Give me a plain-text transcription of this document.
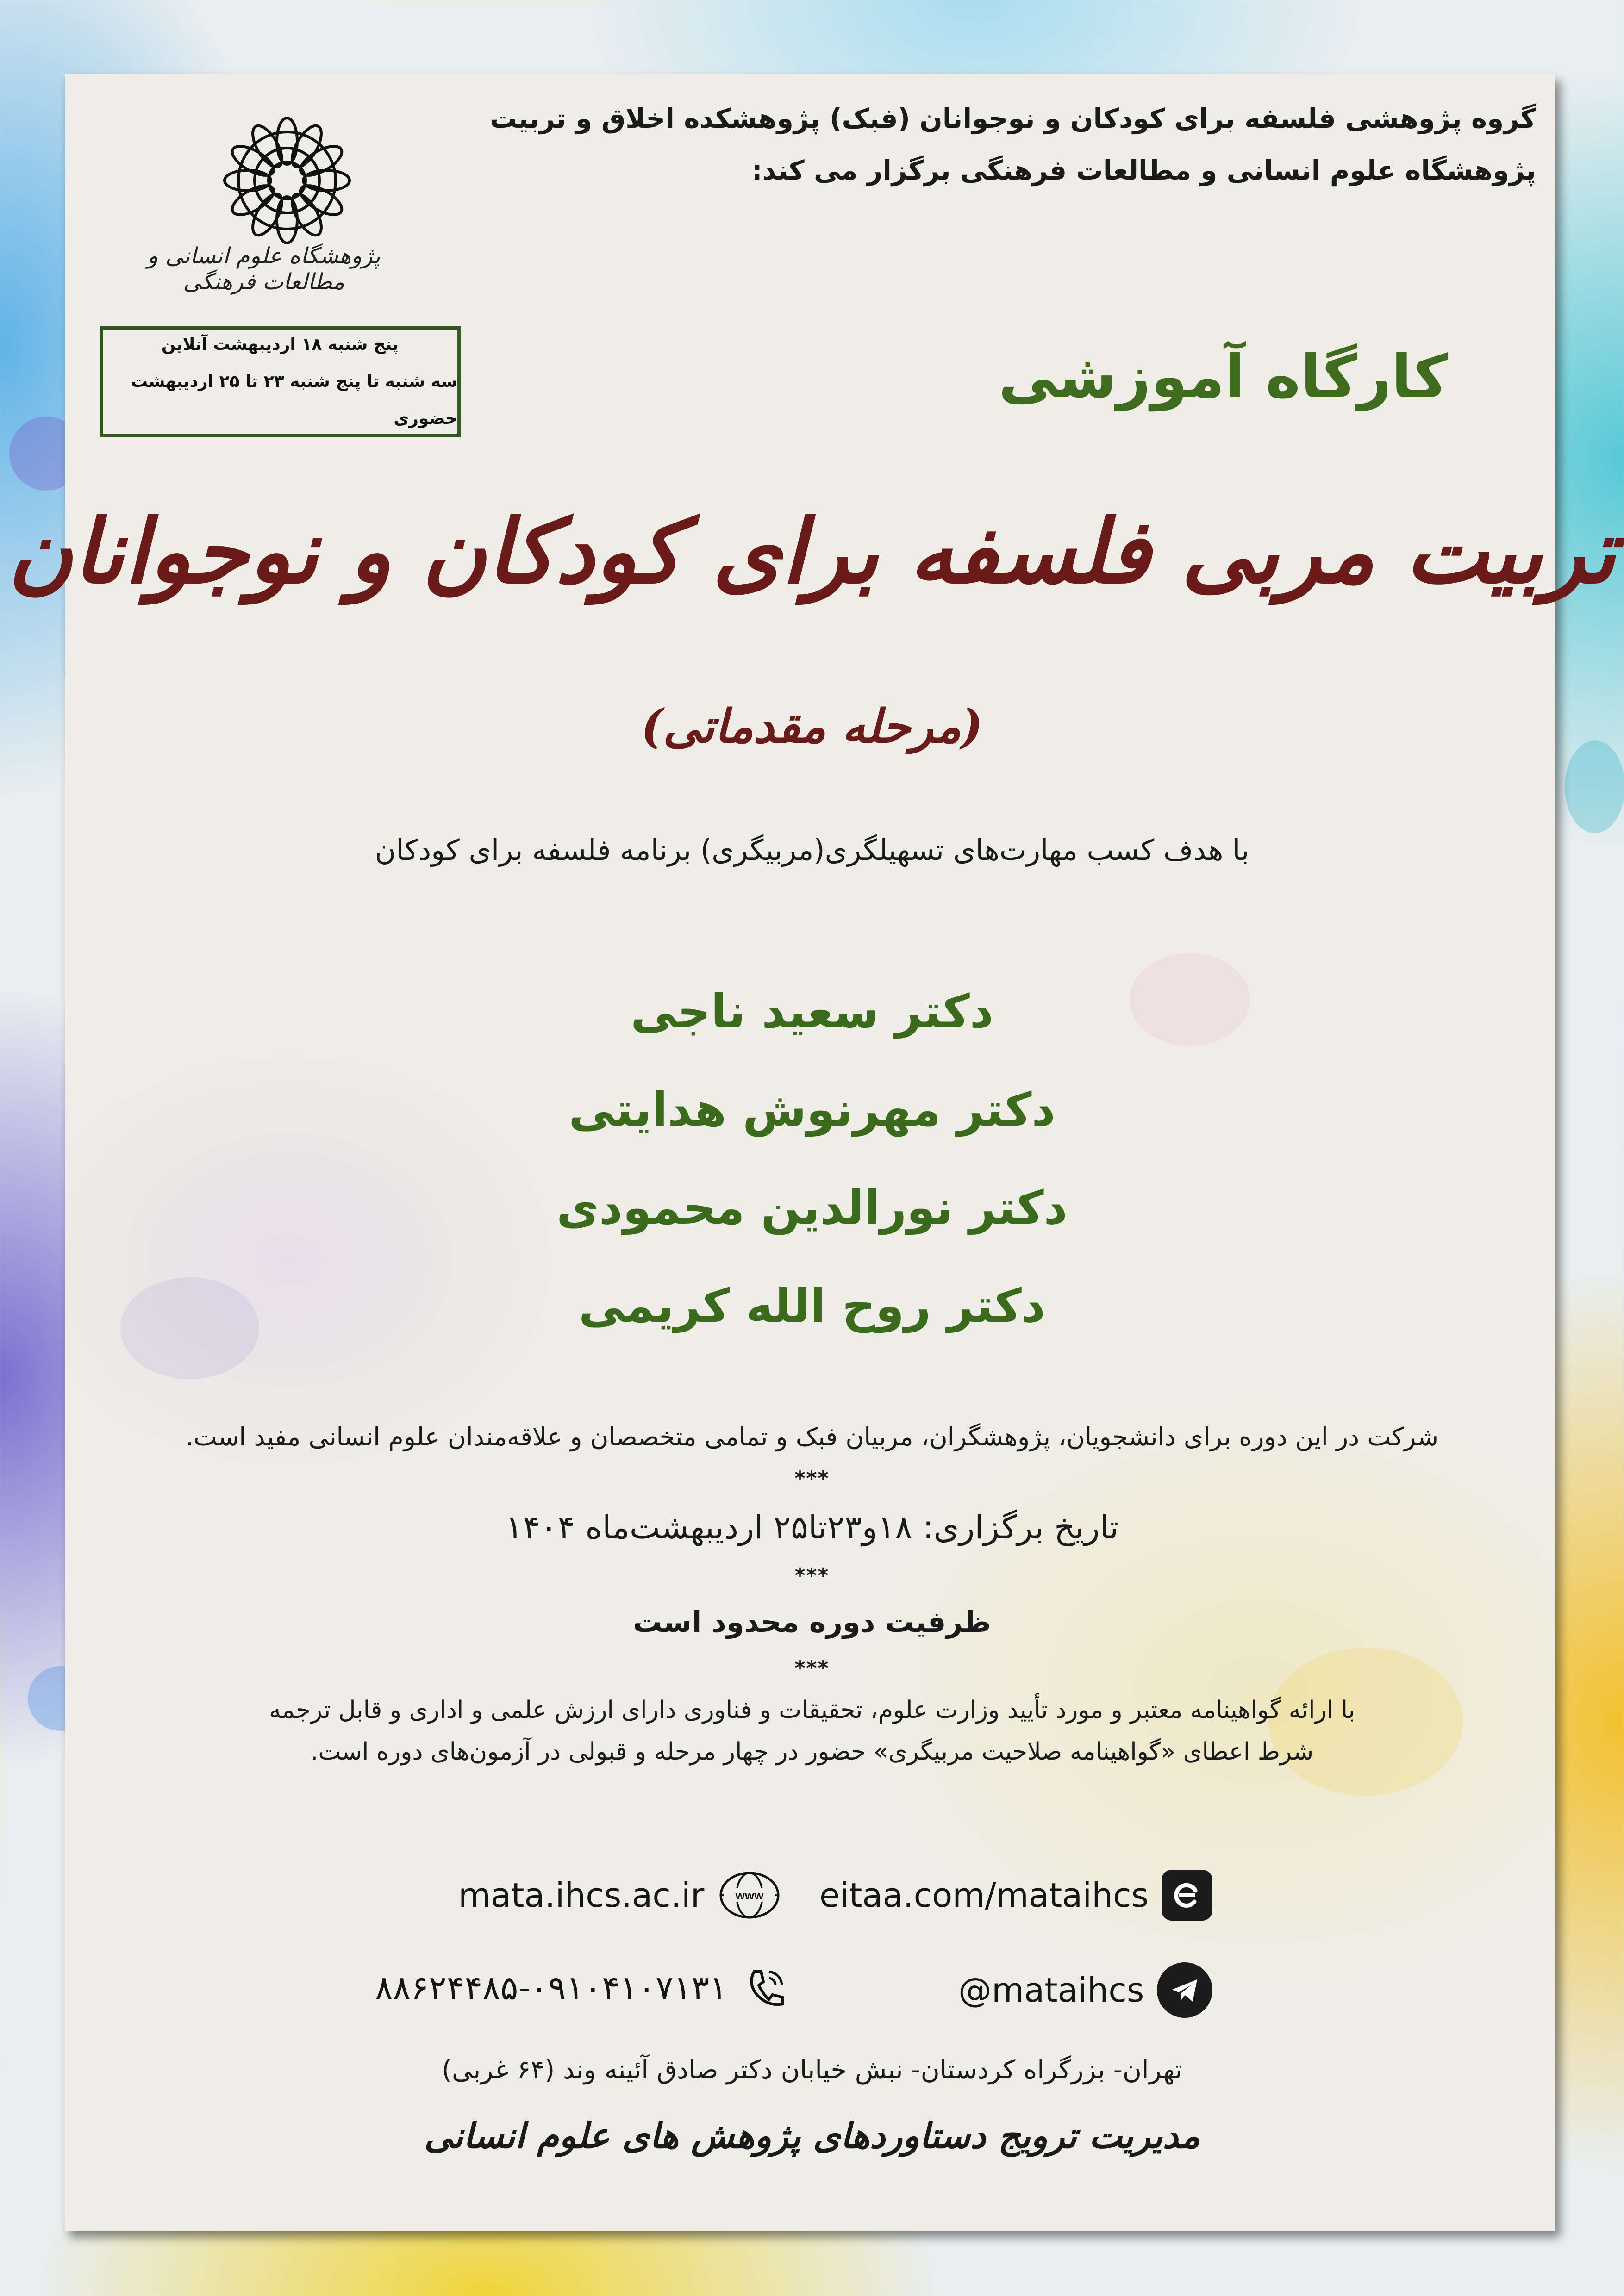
گروه پژوهشی فلسفه برای کودکان و نوجوانان (فبک) پژوهشکده اخلاق و تربیت
پژوهشگاه علوم انسانی و مطالعات فرهنگی برگزار می کند:
پژوهشگاه علوم انسانی و مطالعات فرهنگی
پنج شنبه ۱۸ اردیبهشت آنلاین
سه شنبه تا پنج شنبه ۲۳ تا ۲۵ اردیبهشت حضوری
کارگاه آموزشی
تربیت مربی فلسفه برای کودکان و نوجوانان
(مرحله مقدماتی)
با هدف کسب مهارت‌های تسهیلگری(مربیگری) برنامه فلسفه برای کودکان
دکتر سعید ناجی
دکتر مهرنوش هدایتی
دکتر نورالدین محمودی
دکتر روح الله کریمی
شرکت در این دوره برای دانشجویان، پژوهشگران، مربیان فبک و تمامی متخصصان و علاقه‌مندان علوم انسانی مفید است.
***
تاریخ برگزاری: ۱۸و۲۳تا۲۵ اردیبهشت‌ماه ۱۴۰۴
***
ظرفیت دوره محدود است
***
با ارائه گواهینامه معتبر و مورد تأیید وزارت علوم، تحقیقات و فناوری دارای ارزش علمی و اداری و قابل ترجمه
شرط اعطای «گواهینامه صلاحیت مربیگری» حضور در چهار مرحله و قبولی در آزمون‌های دوره است.
eitaa.com/mataihcs
mata.ihcs.ac.ir	www
@mataihcs
۸۸۶۲۴۴۸۵-۰۹۱۰۴۱۰۷۱۳۱
تهران- بزرگراه کردستان- نبش خیابان دکتر صادق آئینه وند (۶۴ غربی)
مدیریت ترویج دستاوردهای پژوهش های علوم انسانی
